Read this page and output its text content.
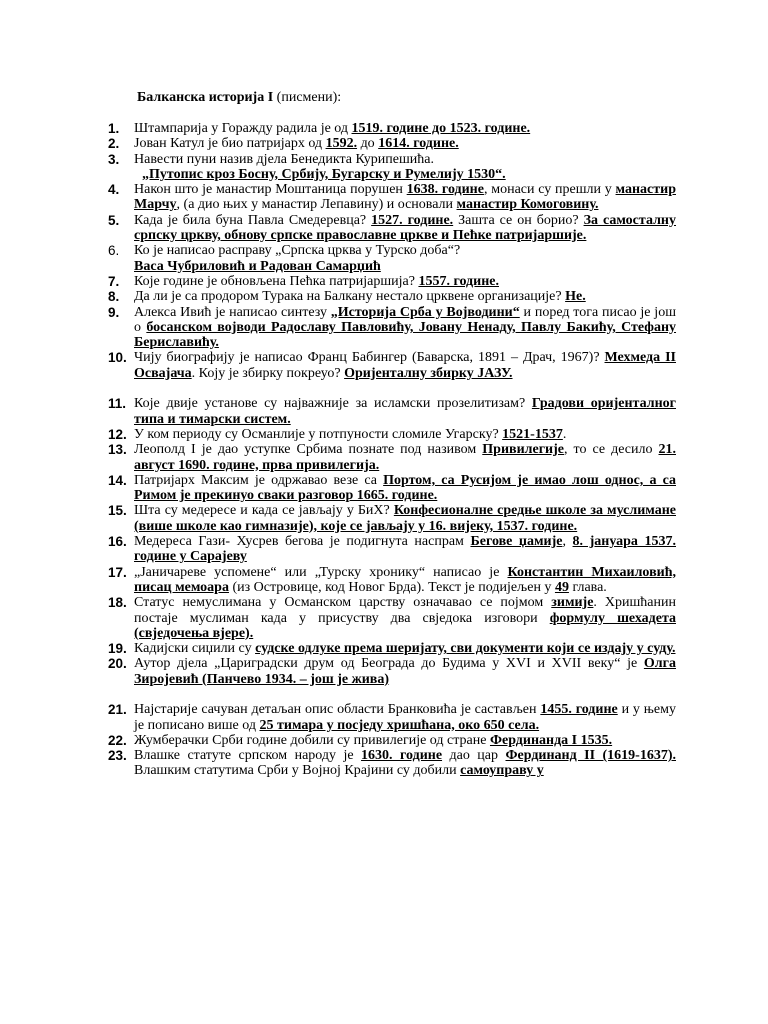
Балканска историја I (писмени):
1.	Штампарија у Горажду радила је од 1519. године до 1523. године.
2.	Јован Катул је био патријарх од 1592. до 1614. године.
3.	Навести пуни назив дјела Бенедикта Курипешића.
„Путопис кроз Босну, Србију, Бугарску и Румелију 1530“.
4.	Након што је манастир Моштаница порушен 1638. године, монаси су прешли у манастир Марчу, (а дио њих у манастир Лепавину) и основали манастир Комоговину.
5.	Када је била буна Павла Смедеревца? 1527. године. Зашта се он борио? За самосталну српску цркву, обнову српске православне цркве и Пећке патријаршије.
6.	Ко је написао расправу „Српска црква у Турско доба“?
Васа Чубриловић и Радован Самарџић
7.	Које године је обновљена Пећка патријаршија? 1557. године.
8.	Да ли је са продором Турака на Балкану нестало црквене организације? Не.
9.	Алекса Ивић је написао синтезу „Историја Срба у Војводини“ и поред тога писао је још о босанском војводи Радославу Павловићу, Јовану Ненаду, Павлу Бакићу, Стефану Бериславићу.
10. Чију биографију је написао Франц Бабингер (Баварска, 1891 – Драч, 1967)? Мехмеда II Освајача. Коју је збирку покреуо? Оријенталну збирку ЈАЗУ.
11. Које двије установе су најважније за исламски прозелитизам? Градови оријенталног типа и тимарски систем.
12. У ком периоду су Османлије у потпуности сломиле Угарску? 1521-1537.
13. Леополд I је дао уступке Србима познате под називом Привилегије, то се десило 21. август 1690. године, прва привилегија.
14. Патријарх Максим је одржавао везе са Портом, са Русијом је имао лош однос, а са Римом је прекинуо сваки разговор 1665. године.
15. Шта су медересе и када се јављају у БиХ? Конфесионалне средње школе за муслимане (више школе као гимназије), које се јављају у 16. вијеку, 1537. године.
16. Медереса Гази- Хусрев бегова је подигнута наспрам Бегове џамије, 8. јануара 1537. године у Сарајеву
17. „Јаничареве успомене“ или „Турску хронику“ написао је Константин Михаиловић, писац мемоара (из Островице, код Новог Брда). Текст је подијељен у 49 глава.
18. Статус немуслимана у Османском царству означавао се појмом зимије. Хришћанин постаје муслиман када у присуству два свједока изговори формулу шехадета (свједочења вјере).
19. Кадијски сиџили су судске одлуке према шеријату, сви документи који се издају у суду.
20. Аутор дјела „Цариградски друм од Београда до Будима у XVI и XVII веку“ је Олга Зиројевић (Панчево 1934. – још је жива)
21. Најстарије сачуван детаљан опис области Бранковића је састављен 1455. године и у њему је пописано више од 25 тимара у посједу хришћана, око 650 села.
22. Жумберачки Срби године добили су привилегије од стране Фердинанда I 1535.
23. Влашке статуте српском народу је 1630. године дао цар Фердинанд II (1619-1637). Влашким статутима Срби у Војној Крајини су добили самоуправу у
